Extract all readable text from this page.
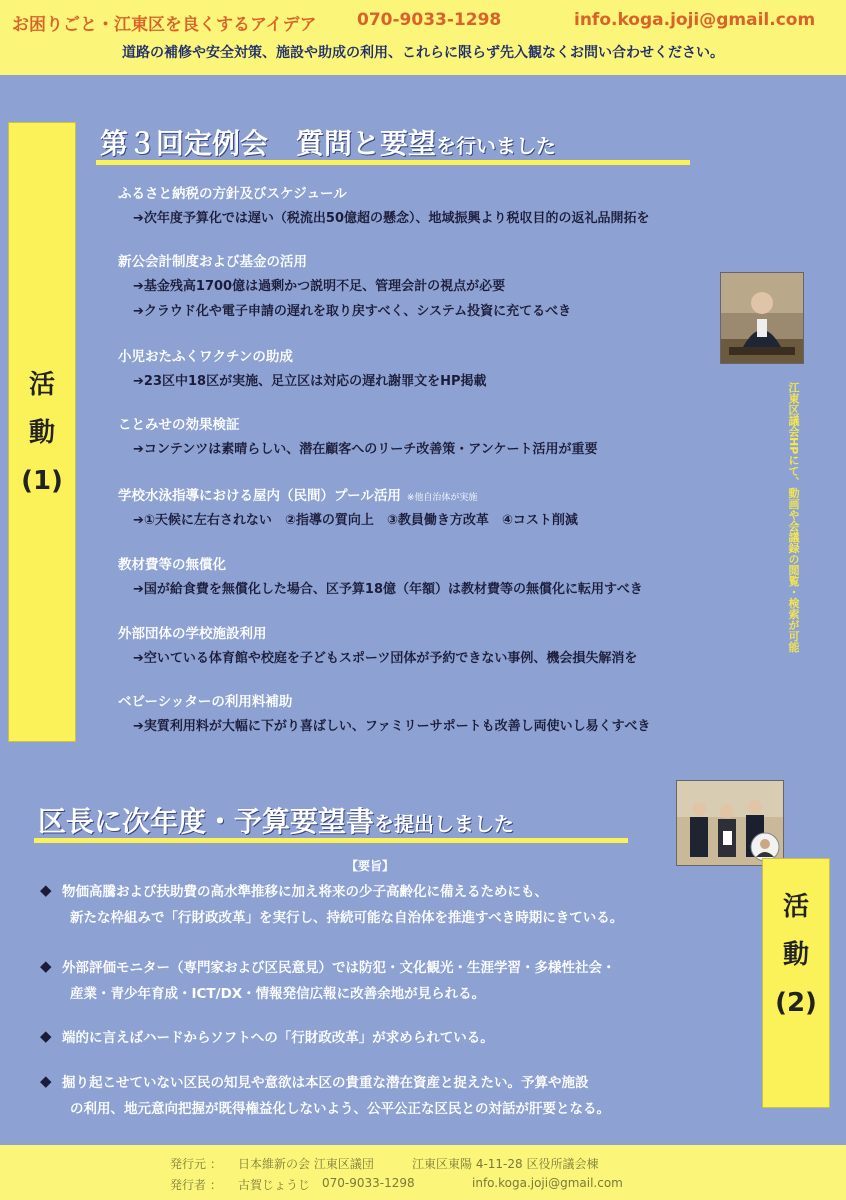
お困りごと・江東区を良くするアイデア 070-9033-1298	info.koga.joji@gmail.com
道路の補修や安全対策、施設や助成の利用、これらに限らず先入観なくお問い合わせください。
活
動
(1)
第３回定例会　質問と要望を行いました
ふるさと納税の方針及びスケジュール
➔次年度予算化では遅い（税流出50億超の懸念）、地域振興より税収目的の返礼品開拓を
新公会計制度および基金の活用
➔基金残高1700億は過剰かつ説明不足、管理会計の視点が必要
➔クラウド化や電子申請の遅れを取り戻すべく、システム投資に充てるべき
小児おたふくワクチンの助成
➔23区中18区が実施、足立区は対応の遅れ謝罪文をHP掲載
ことみせの効果検証
➔コンテンツは素晴らしい、潜在顧客へのリーチ改善策・アンケート活用が重要
学校水泳指導における屋内（民間）プール活用 ※他自治体が実施
➔①天候に左右されない　②指導の質向上　③教員働き方改革　④コスト削減
教材費等の無償化
➔国が給食費を無償化した場合、区予算18億（年額）は教材費等の無償化に転用すべき
外部団体の学校施設利用
➔空いている体育館や校庭を子どもスポーツ団体が予約できない事例、機会損失解消を
ベビーシッターの利用料補助
➔実質利用料が大幅に下がり喜ばしい、ファミリーサポートも改善し両使いし易くすべき
江東区議会HPにて、動画や会議録の閲覧・検索が可能
区長に次年度・予算要望書を提出しました
活
動
(2)
【要旨】
◆ 物価高騰および扶助費の高水準推移に加え将来の少子高齢化に備えるためにも、
新たな枠組みで「行財政改革」を実行し、持続可能な自治体を推進すべき時期にきている。
◆ 外部評価モニター（専門家および区民意見）では防犯・文化観光・生涯学習・多様性社会・
産業・青少年育成・ICT/DX・情報発信広報に改善余地が見られる。
◆ 端的に言えばハードからソフトへの「行財政改革」が求められている。
◆ 掘り起こせていない区民の知見や意欲は本区の貴重な潜在資産と捉えたい。予算や施設
の利用、地元意向把握が既得権益化しないよう、公平公正な区民との対話が肝要となる。
発行元 ： 日本維新の会 江東区議団	江東区東陽 4-11-28 区役所議会棟
発行者 ： 古賀じょうじ 070-9033-1298	info.koga.joji@gmail.com
